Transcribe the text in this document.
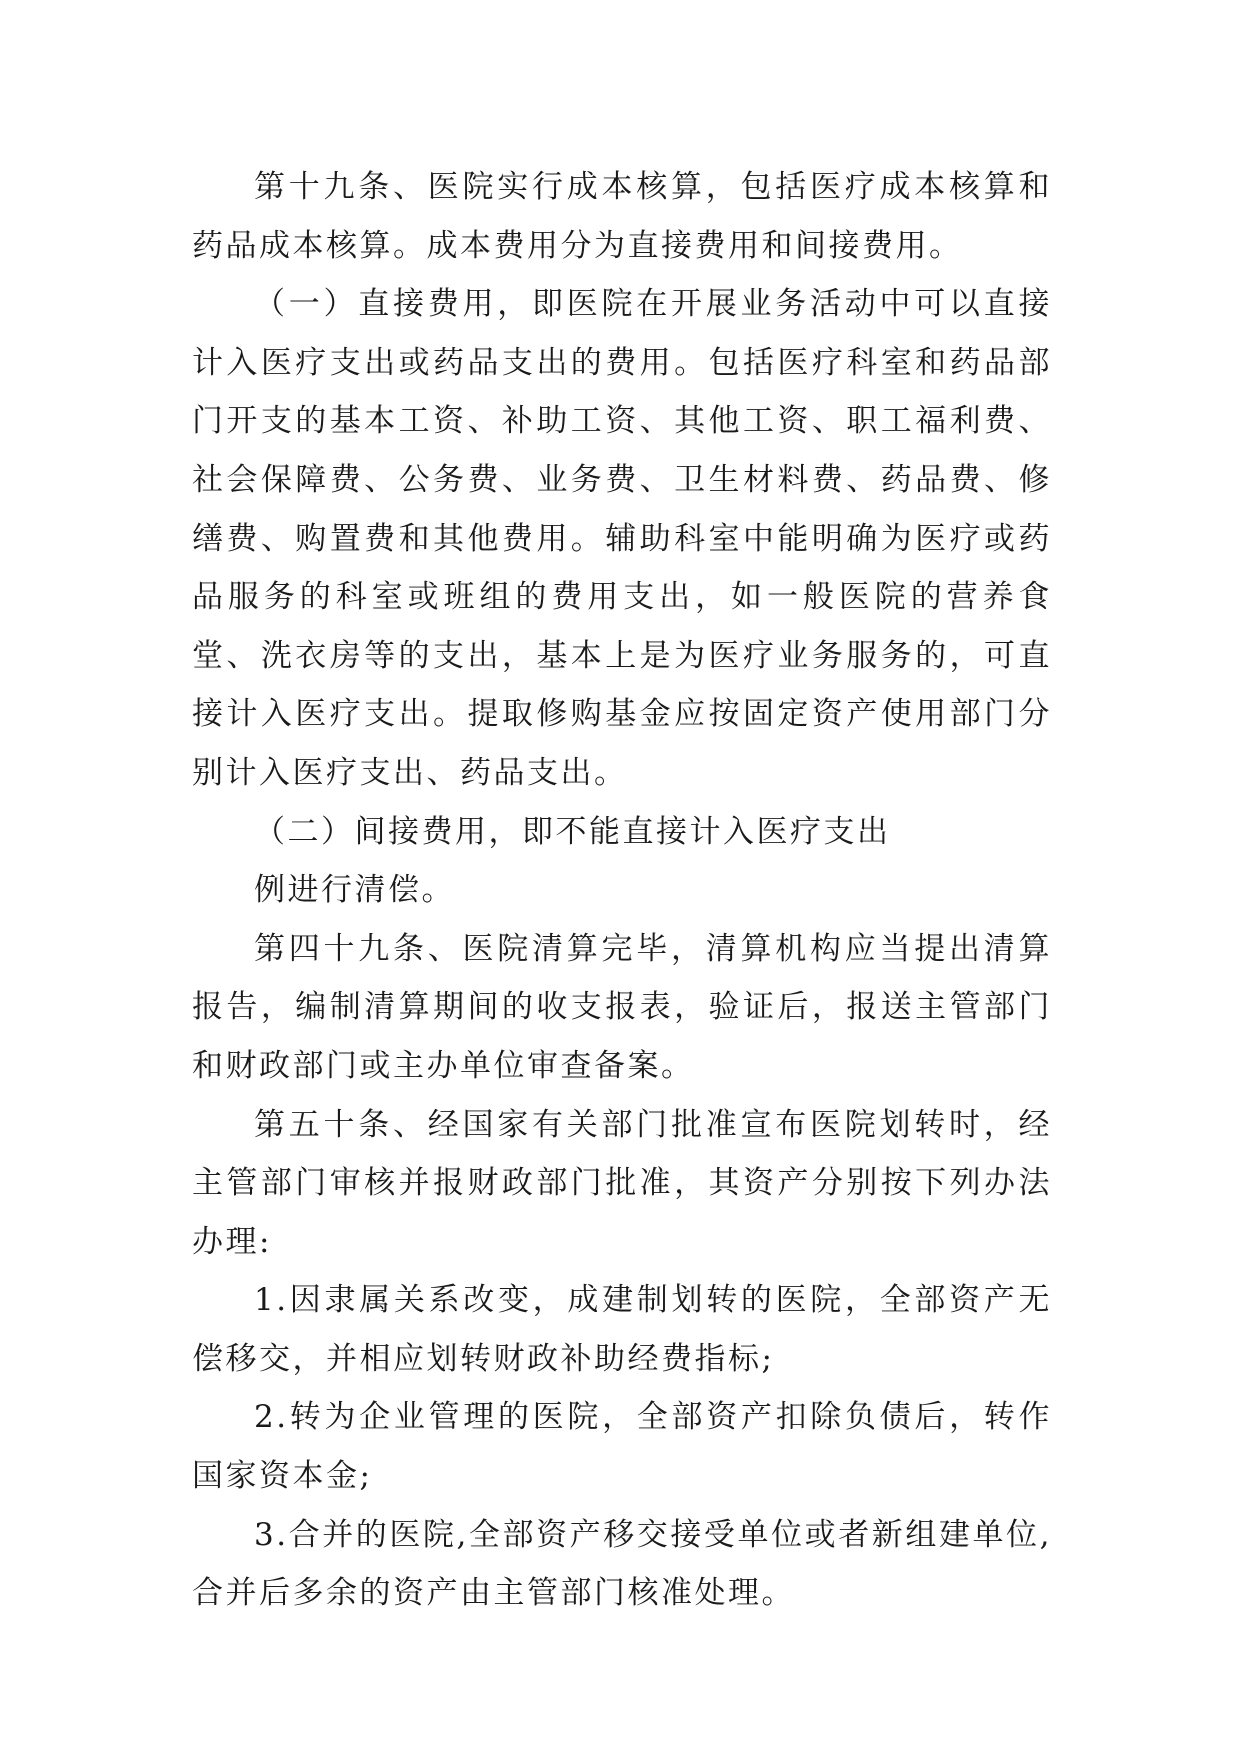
第十九条、医院实行成本核算，包括医疗成本核算和药品成本核算。成本费用分为直接费用和间接费用。

（一）直接费用，即医院在开展业务活动中可以直接计入医疗支出或药品支出的费用。包括医疗科室和药品部门开支的基本工资、补助工资、其他工资、职工福利费、社会保障费、公务费、业务费、卫生材料费、药品费、修缮费、购置费和其他费用。辅助科室中能明确为医疗或药品服务的科室或班组的费用支出，如一般医院的营养食堂、洗衣房等的支出，基本上是为医疗业务服务的，可直接计入医疗支出。提取修购基金应按固定资产使用部门分别计入医疗支出、药品支出。

（二）间接费用，即不能直接计入医疗支出

例进行清偿。

第四十九条、医院清算完毕，清算机构应当提出清算报告，编制清算期间的收支报表，验证后，报送主管部门和财政部门或主办单位审查备案。

第五十条、经国家有关部门批准宣布医院划转时，经主管部门审核并报财政部门批准，其资产分别按下列办法办理:

1.因隶属关系改变，成建制划转的医院，全部资产无偿移交，并相应划转财政补助经费指标;

2.转为企业管理的医院，全部资产扣除负债后，转作国家资本金;

3.合并的医院,全部资产移交接受单位或者新组建单位,合并后多余的资产由主管部门核准处理。
